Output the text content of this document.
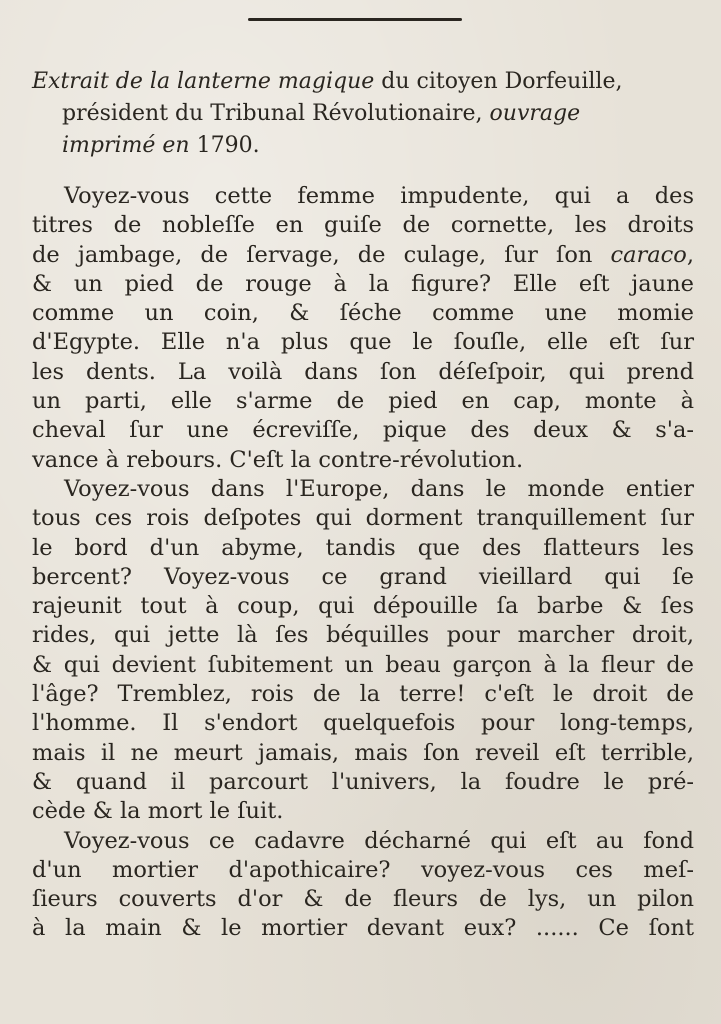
Extrait de la lanterne magique du citoyen Dorfeuille,
président du Tribunal Révolutionaire, ouvrage
imprimé en 1790.
Voyez-vous cette femme impudente, qui a des
titres de nobleſſe en guiſe de cornette, les droits
de jambage, de ſervage, de culage, ſur ſon caraco,
& un pied de rouge à la figure? Elle eſt jaune
comme un coin, & ſéche comme une momie
d'Egypte. Elle n'a plus que le ſouſle, elle eſt ſur
les dents. La voilà dans ſon déſeſpoir, qui prend
un parti, elle s'arme de pied en cap, monte à
cheval ſur une écreviſſe, pique des deux & s'a-
vance à rebours. C'eſt la contre-révolution.
Voyez-vous dans l'Europe, dans le monde entier
tous ces rois deſpotes qui dorment tranquillement ſur
le bord d'un abyme, tandis que des flatteurs les
bercent? Voyez-vous ce grand vieillard qui ſe
rajeunit tout à coup, qui dépouille ſa barbe & ſes
rides, qui jette là ſes béquilles pour marcher droit,
& qui devient ſubitement un beau garçon à la fleur de
l'âge? Tremblez, rois de la terre! c'eſt le droit de
l'homme. Il s'endort quelquefois pour long-temps,
mais il ne meurt jamais, mais ſon reveil eſt terrible,
& quand il parcourt l'univers, la foudre le pré-
cède & la mort le ſuit.
Voyez-vous ce cadavre décharné qui eſt au fond
d'un mortier d'apothicaire? voyez-vous ces meſ-
ſieurs couverts d'or & de fleurs de lys, un pilon
à la main & le mortier devant eux? ...... Ce ſont
